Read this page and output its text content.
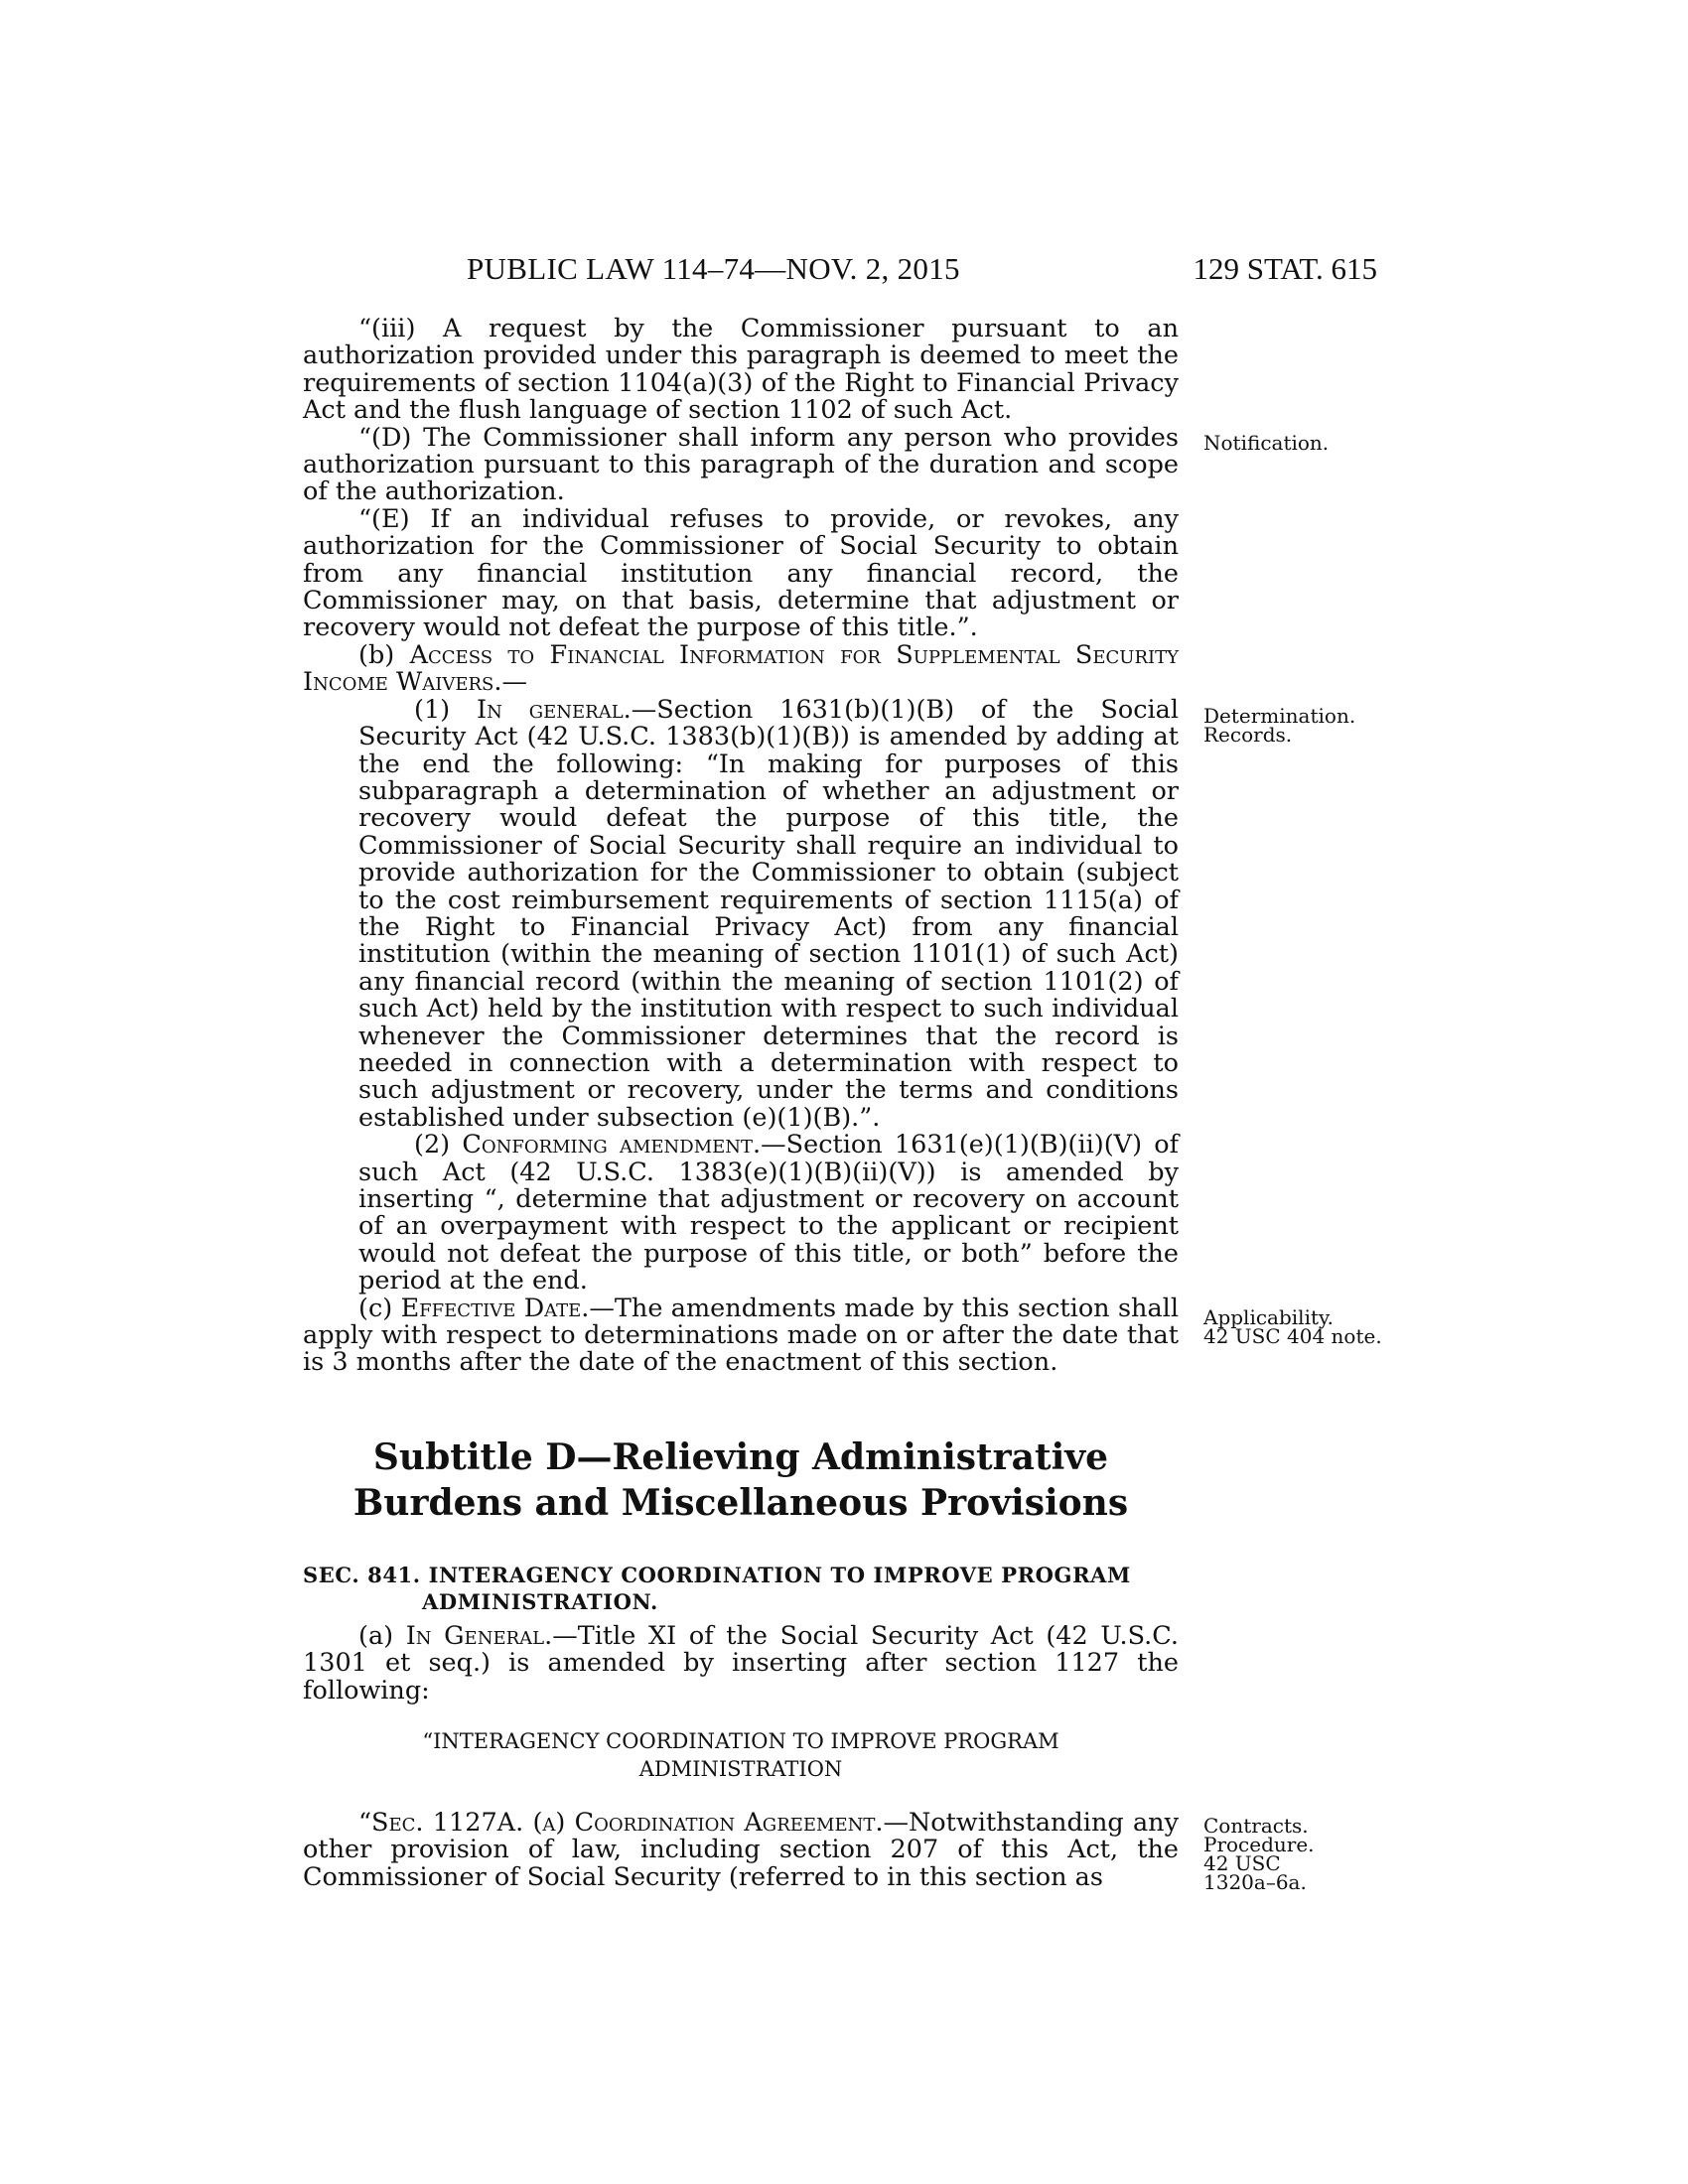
PUBLIC LAW 114–74—NOV. 2, 2015	129 STAT. 615

“(iii) A request by the Commissioner pursuant to an authorization provided under this paragraph is deemed to meet the requirements of section 1104(a)(3) of the Right to Financial Privacy Act and the flush language of section 1102 of such Act.

“(D) The Commissioner shall inform any person who provides authorization pursuant to this paragraph of the duration and scope of the authorization.

“(E) If an individual refuses to provide, or revokes, any authorization for the Commissioner of Social Security to obtain from any financial institution any financial record, the Commissioner may, on that basis, determine that adjustment or recovery would not defeat the purpose of this title.”.

(b) Access to Financial Information for Supplemental Security Income Waivers.—

(1) In general.—Section 1631(b)(1)(B) of the Social Security Act (42 U.S.C. 1383(b)(1)(B)) is amended by adding at the end the following: “In making for purposes of this subparagraph a determination of whether an adjustment or recovery would defeat the purpose of this title, the Commissioner of Social Security shall require an individual to provide authorization for the Commissioner to obtain (subject to the cost reimbursement requirements of section 1115(a) of the Right to Financial Privacy Act) from any financial institution (within the meaning of section 1101(1) of such Act) any financial record (within the meaning of section 1101(2) of such Act) held by the institution with respect to such individual whenever the Commissioner determines that the record is needed in connection with a determination with respect to such adjustment or recovery, under the terms and conditions established under subsection (e)(1)(B).”.

(2) Conforming amendment.—Section 1631(e)(1)(B)(ii)(V) of such Act (42 U.S.C. 1383(e)(1)(B)(ii)(V)) is amended by inserting “, determine that adjustment or recovery on account of an overpayment with respect to the applicant or recipient would not defeat the purpose of this title, or both” before the period at the end.

(c) Effective Date.—The amendments made by this section shall apply with respect to determinations made on or after the date that is 3 months after the date of the enactment of this section.

Notification.
Determination.
Records.
Applicability.
42 USC 404 note.
Subtitle D—Relieving Administrative
Burdens and Miscellaneous Provisions
SEC. 841. INTERAGENCY COORDINATION TO IMPROVE PROGRAM
ADMINISTRATION.

(a) In General.—Title XI of the Social Security Act (42 U.S.C. 1301 et seq.) is amended by inserting after section 1127 the following:

“INTERAGENCY COORDINATION TO IMPROVE PROGRAM
ADMINISTRATION

“Sec. 1127A. (a) Coordination Agreement.—Notwithstanding any other provision of law, including section 207 of this Act, the Commissioner of Social Security (referred to in this section as

Contracts.
Procedure.
42 USC
1320a–6a.
